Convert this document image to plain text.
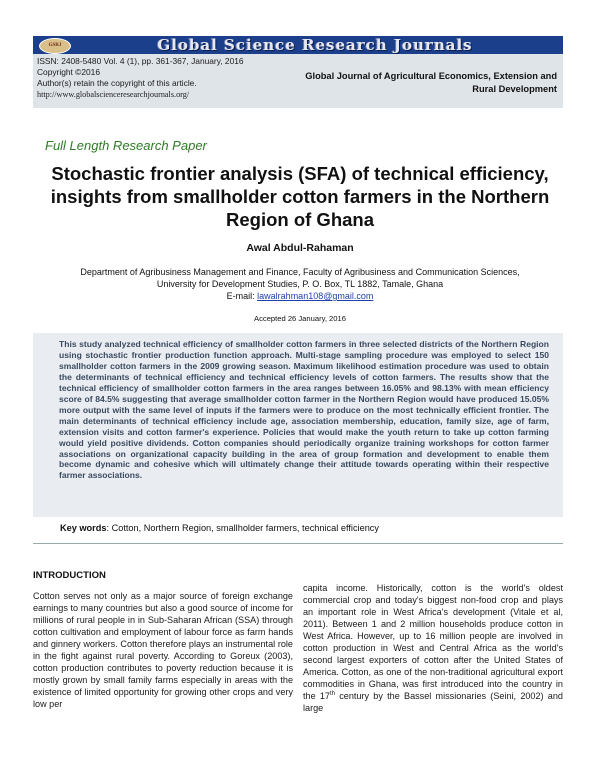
GSRJ	Global Science Research Journals
ISSN: 2408-5480 Vol. 4 (1), pp. 361-367, January, 2016
Copyright ©2016
Author(s) retain the copyright of this article.
http://www.globalscienceresearchjournals.org/
Global Journal of Agricultural Economics, Extension and Rural Development
Full Length Research Paper
Stochastic frontier analysis (SFA) of technical efficiency, insights from smallholder cotton farmers in the Northern Region of Ghana
Awal Abdul-Rahaman
Department of Agribusiness Management and Finance, Faculty of Agribusiness and Communication Sciences,
University for Development Studies, P. O. Box, TL 1882, Tamale, Ghana
E-mail: lawalrahman108@gmail.com
Accepted 26 January, 2016
This study analyzed technical efficiency of smallholder cotton farmers in three selected districts of the Northern Region using stochastic frontier production function approach. Multi-stage sampling procedure was employed to select 150 smallholder cotton farmers in the 2009 growing season. Maximum likelihood estimation procedure was used to obtain the determinants of technical efficiency and technical efficiency levels of cotton farmers. The results show that the technical efficiency of smallholder cotton farmers in the area ranges between 16.05% and 98.13% with mean efficiency score of 84.5% suggesting that average smallholder cotton farmer in the Northern Region would have produced 15.05% more output with the same level of inputs if the farmers were to produce on the most technically efficient frontier. The main determinants of technical efficiency include age, association membership, education, family size, age of farm, extension visits and cotton farmer's experience. Policies that would make the youth return to take up cotton farming would yield positive dividends. Cotton companies should periodically organize training workshops for cotton farmer associations on organizational capacity building in the area of group formation and development to enable them become dynamic and cohesive which will ultimately change their attitude towards operating within their respective farmer associations.
Key words: Cotton, Northern Region, smallholder farmers, technical efficiency
INTRODUCTION
Cotton serves not only as a major source of foreign exchange earnings to many countries but also a good source of income for millions of rural people in in Sub-Saharan African (SSA) through cotton cultivation and employment of labour force as farm hands and ginnery workers. Cotton therefore plays an instrumental role in the fight against rural poverty. According to Goreux (2003), cotton production contributes to poverty reduction because it is mostly grown by small family farms especially in areas with the existence of limited opportunity for growing other crops and very low per
capita income. Historically, cotton is the world's oldest commercial crop and today's biggest non-food crop and plays an important role in West Africa's development (Vitale et al, 2011). Between 1 and 2 million households produce cotton in West Africa. However, up to 16 million people are involved in cotton production in West and Central Africa as the world's second largest exporters of cotton after the United States of America. Cotton, as one of the non-traditional agricultural export commodities in Ghana, was first introduced into the country in the 17th century by the Bassel missionaries (Seini, 2002) and large
